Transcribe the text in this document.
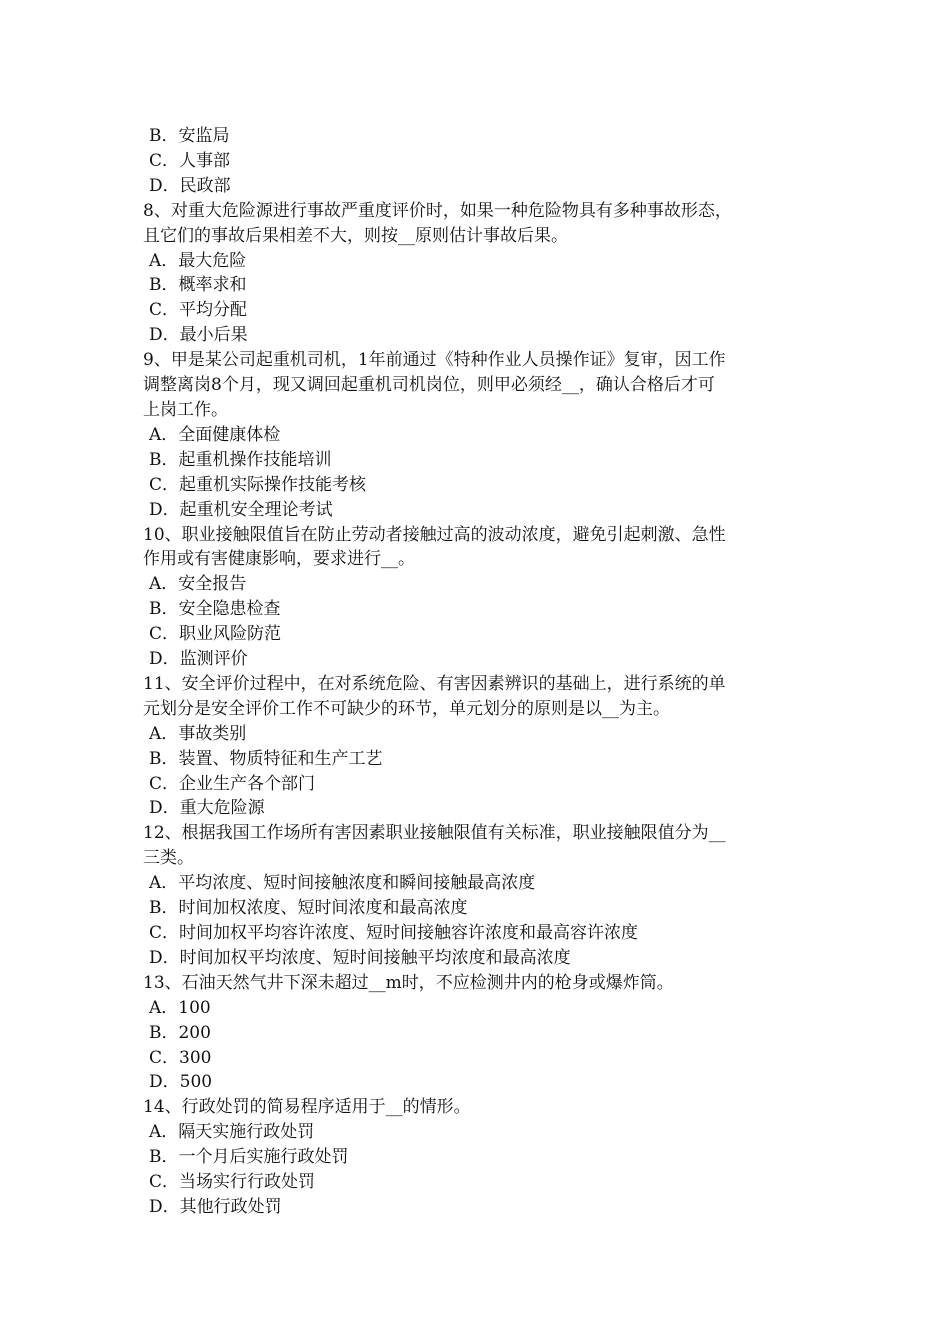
B．安监局
C．人事部
D．民政部
8、对重大危险源进行事故严重度评价时，如果一种危险物具有多种事故形态，
且它们的事故后果相差不大，则按__原则估计事故后果。
A．最大危险
B．概率求和
C．平均分配
D．最小后果
9、甲是某公司起重机司机，1年前通过《特种作业人员操作证》复审，因工作
调整离岗8个月，现又调回起重机司机岗位，则甲必须经__，确认合格后才可
上岗工作。
A．全面健康体检
B．起重机操作技能培训
C．起重机实际操作技能考核
D．起重机安全理论考试
10、职业接触限值旨在防止劳动者接触过高的波动浓度，避免引起刺激、急性
作用或有害健康影响，要求进行__。
A．安全报告
B．安全隐患检查
C．职业风险防范
D．监测评价
11、安全评价过程中，在对系统危险、有害因素辨识的基础上，进行系统的单
元划分是安全评价工作不可缺少的环节，单元划分的原则是以__为主。
A．事故类别
B．装置、物质特征和生产工艺
C．企业生产各个部门
D．重大危险源
12、根据我国工作场所有害因素职业接触限值有关标准，职业接触限值分为__
三类。
A．平均浓度、短时间接触浓度和瞬间接触最高浓度
B．时间加权浓度、短时间浓度和最高浓度
C．时间加权平均容许浓度、短时间接触容许浓度和最高容许浓度
D．时间加权平均浓度、短时间接触平均浓度和最高浓度
13、石油天然气井下深未超过__m时，不应检测井内的枪身或爆炸筒。
A．100
B．200
C．300
D．500
14、行政处罚的简易程序适用于__的情形。
A．隔天实施行政处罚
B．一个月后实施行政处罚
C．当场实行行政处罚
D．其他行政处罚
